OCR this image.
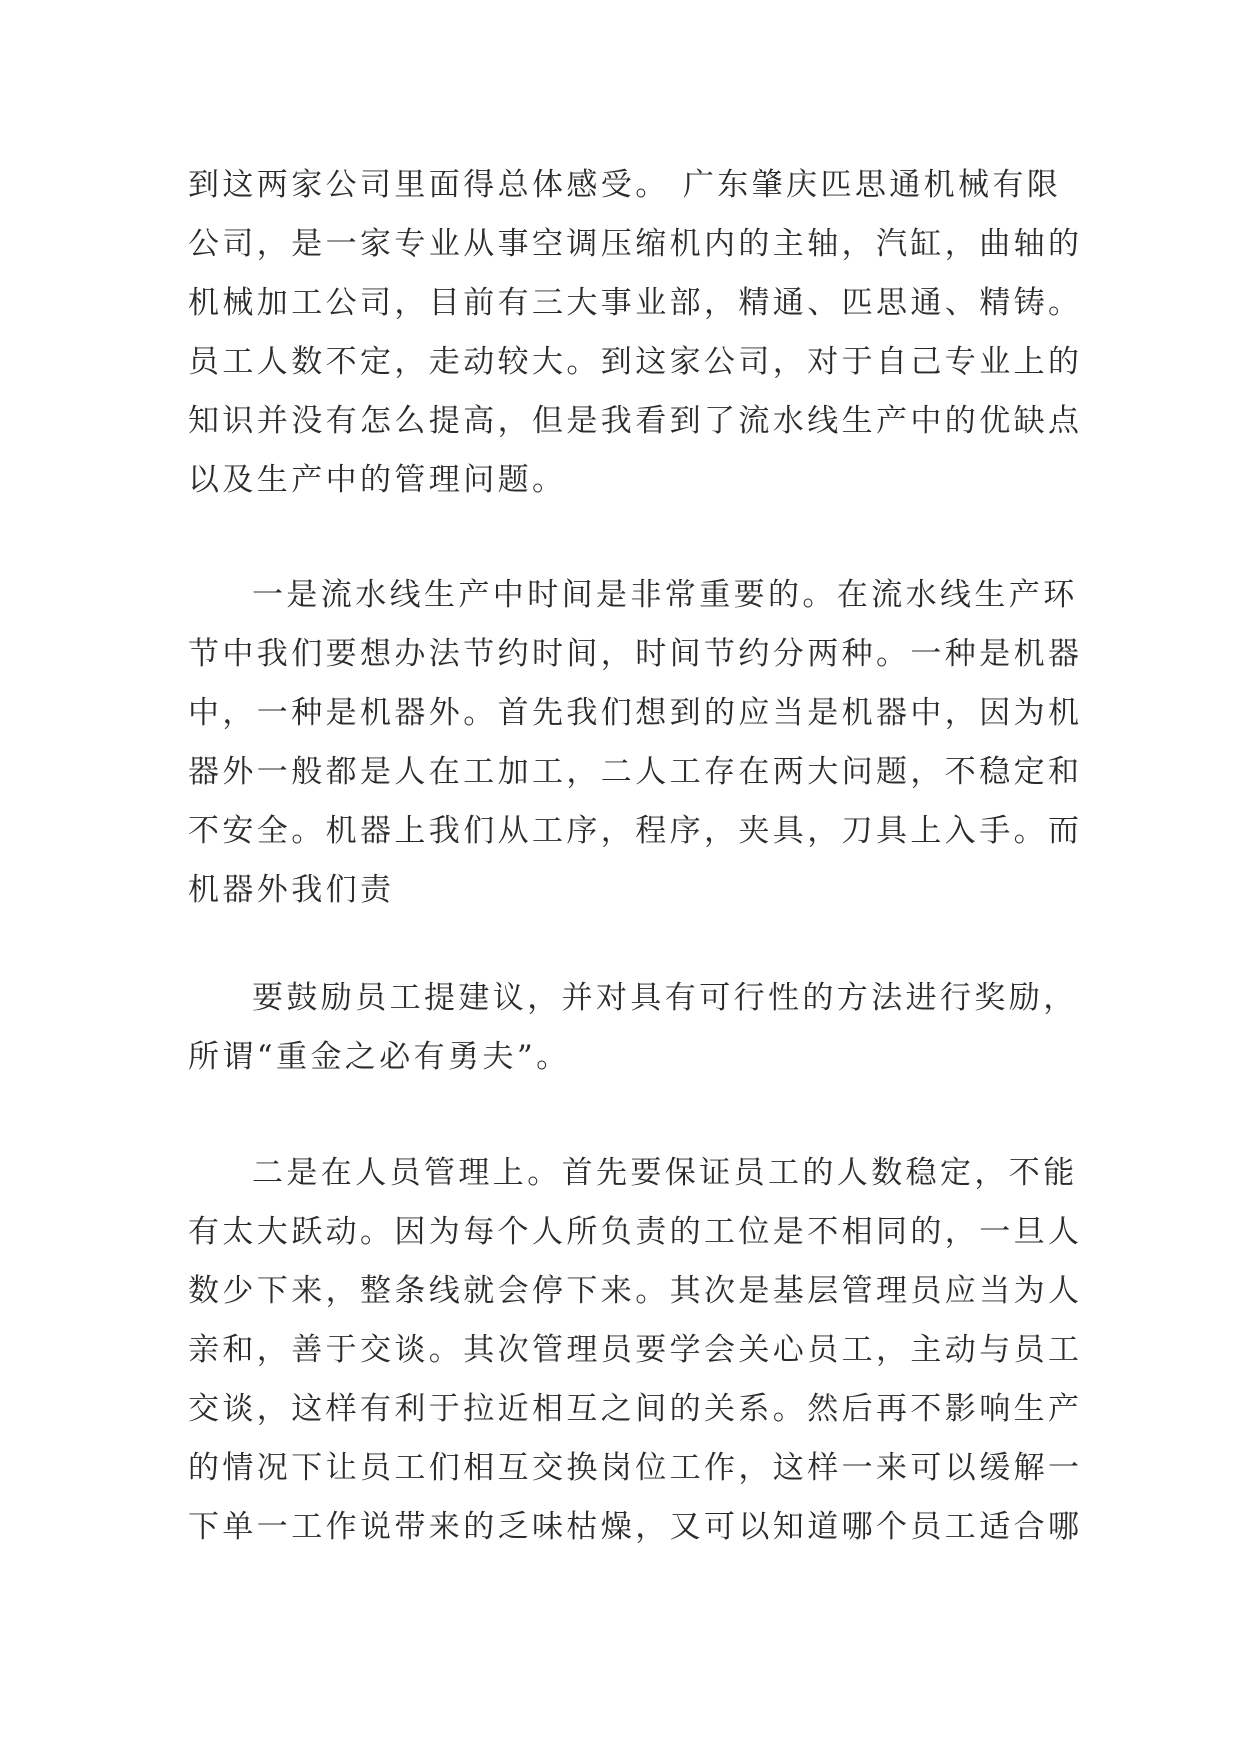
到这两家公司里面得总体感受。 广东肇庆匹思通机械有限
公司，是一家专业从事空调压缩机内的主轴，汽缸，曲轴的
机械加工公司，目前有三大事业部，精通、匹思通、精铸。
员工人数不定，走动较大。到这家公司，对于自己专业上的
知识并没有怎么提高，但是我看到了流水线生产中的优缺点
以及生产中的管理问题。
一是流水线生产中时间是非常重要的。在流水线生产环
节中我们要想办法节约时间，时间节约分两种。一种是机器
中，一种是机器外。首先我们想到的应当是机器中，因为机
器外一般都是人在工加工，二人工存在两大问题，不稳定和
不安全。机器上我们从工序，程序，夹具，刀具上入手。而
机器外我们责
要鼓励员工提建议，并对具有可行性的方法进行奖励，
所谓“重金之必有勇夫”。
二是在人员管理上。首先要保证员工的人数稳定，不能
有太大跃动。因为每个人所负责的工位是不相同的，一旦人
数少下来，整条线就会停下来。其次是基层管理员应当为人
亲和，善于交谈。其次管理员要学会关心员工，主动与员工
交谈，这样有利于拉近相互之间的关系。然后再不影响生产
的情况下让员工们相互交换岗位工作，这样一来可以缓解一
下单一工作说带来的乏味枯燥，又可以知道哪个员工适合哪
